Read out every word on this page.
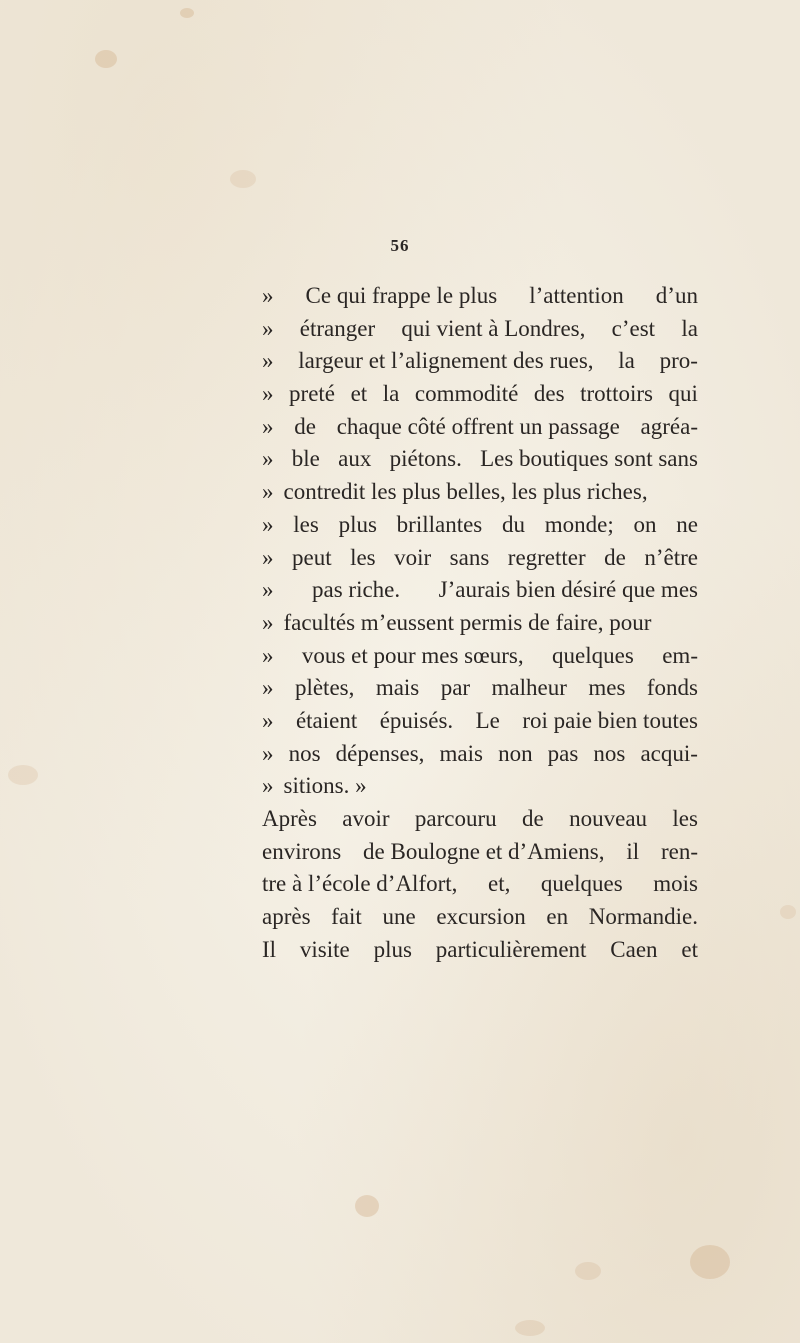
56
» Ce qui frappe le plus l’attention d’un
» étranger qui vient à Londres, c’est la
» largeur et l’alignement des rues, la pro-
» preté et la commodité des trottoirs qui
» de chaque côté offrent un passage agréa-
» ble aux piétons. Les boutiques sont sans
» contredit les plus belles, les plus riches,
» les plus brillantes du monde; on ne
» peut les voir sans regretter de n’être
» pas riche. J’aurais bien désiré que mes
» facultés m’eussent permis de faire, pour
» vous et pour mes sœurs, quelques em-
» plètes, mais par malheur mes fonds
» étaient épuisés. Le roi paie bien toutes
» nos dépenses, mais non pas nos acqui-
» sitions. »
Après avoir parcouru de nouveau les
environs de Boulogne et d’Amiens, il ren-
tre à l’école d’Alfort, et, quelques mois
après fait une excursion en Normandie.
Il visite plus particulièrement Caen et
